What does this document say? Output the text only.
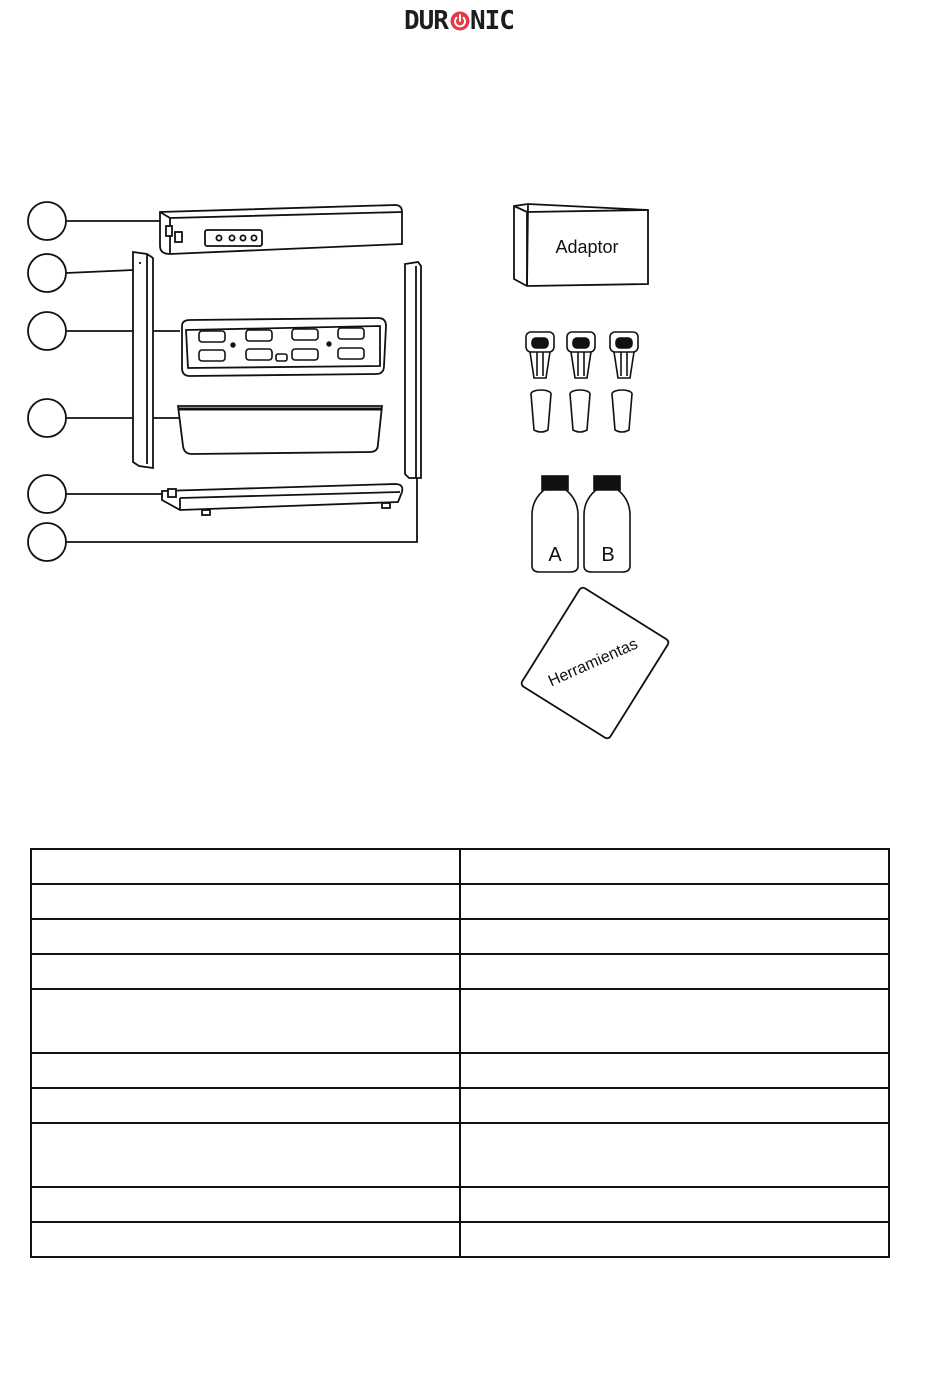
DUR NIC
Adaptor
A B
Herramientas
